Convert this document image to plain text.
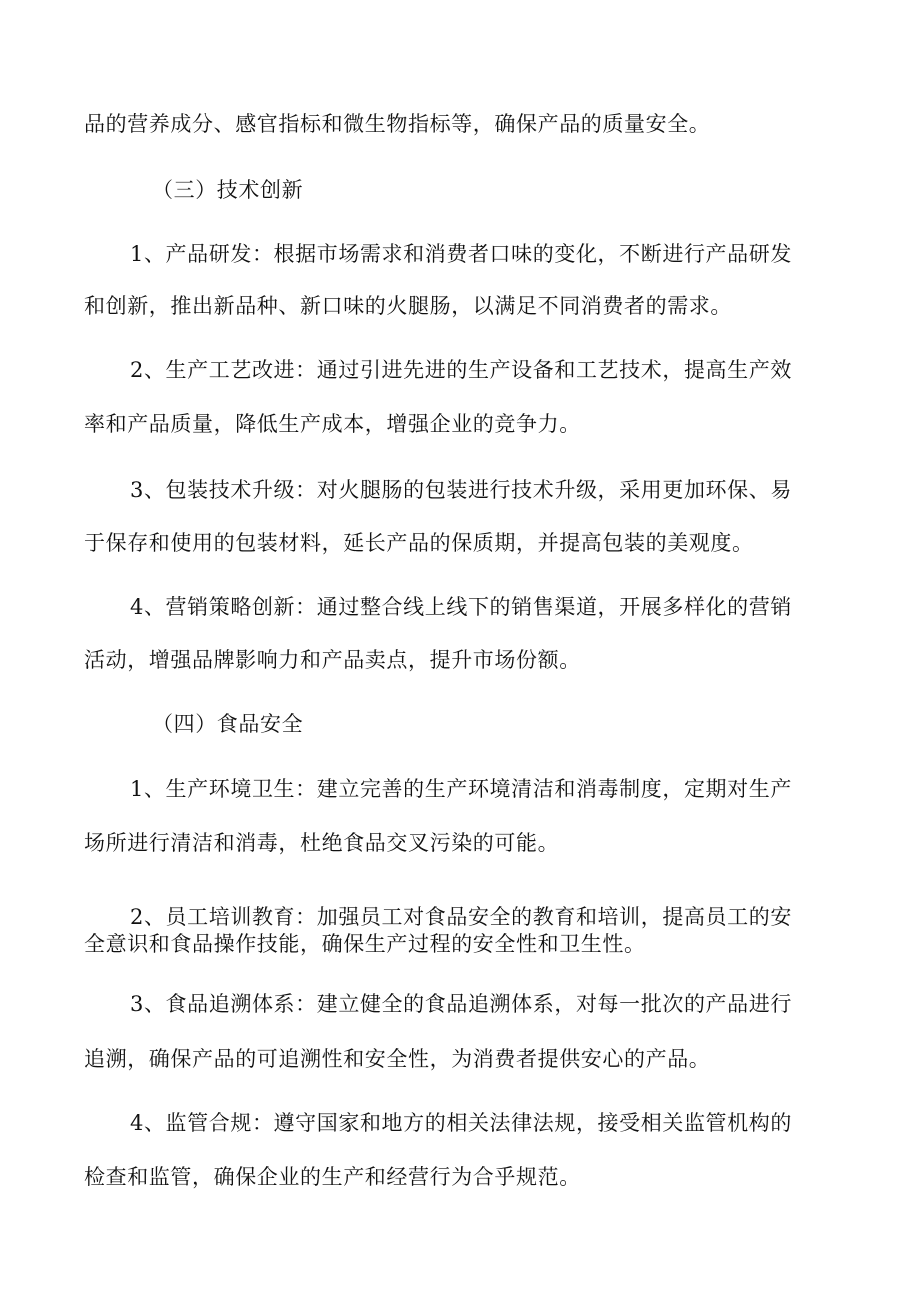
品的营养成分、感官指标和微生物指标等，确保产品的质量安全。
（三）技术创新
1、产品研发：根据市场需求和消费者口味的变化，不断进行产品研发
和创新，推出新品种、新口味的火腿肠，以满足不同消费者的需求。
2、生产工艺改进：通过引进先进的生产设备和工艺技术，提高生产效
率和产品质量，降低生产成本，增强企业的竞争力。
3、包装技术升级：对火腿肠的包装进行技术升级，采用更加环保、易
于保存和使用的包装材料，延长产品的保质期，并提高包装的美观度。
4、营销策略创新：通过整合线上线下的销售渠道，开展多样化的营销
活动，增强品牌影响力和产品卖点，提升市场份额。
（四）食品安全
1、生产环境卫生：建立完善的生产环境清洁和消毒制度，定期对生产
场所进行清洁和消毒，杜绝食品交叉污染的可能。
2、员工培训教育：加强员工对食品安全的教育和培训，提高员工的安
全意识和食品操作技能，确保生产过程的安全性和卫生性。
3、食品追溯体系：建立健全的食品追溯体系，对每一批次的产品进行
追溯，确保产品的可追溯性和安全性，为消费者提供安心的产品。
4、监管合规：遵守国家和地方的相关法律法规，接受相关监管机构的
检查和监管，确保企业的生产和经营行为合乎规范。
